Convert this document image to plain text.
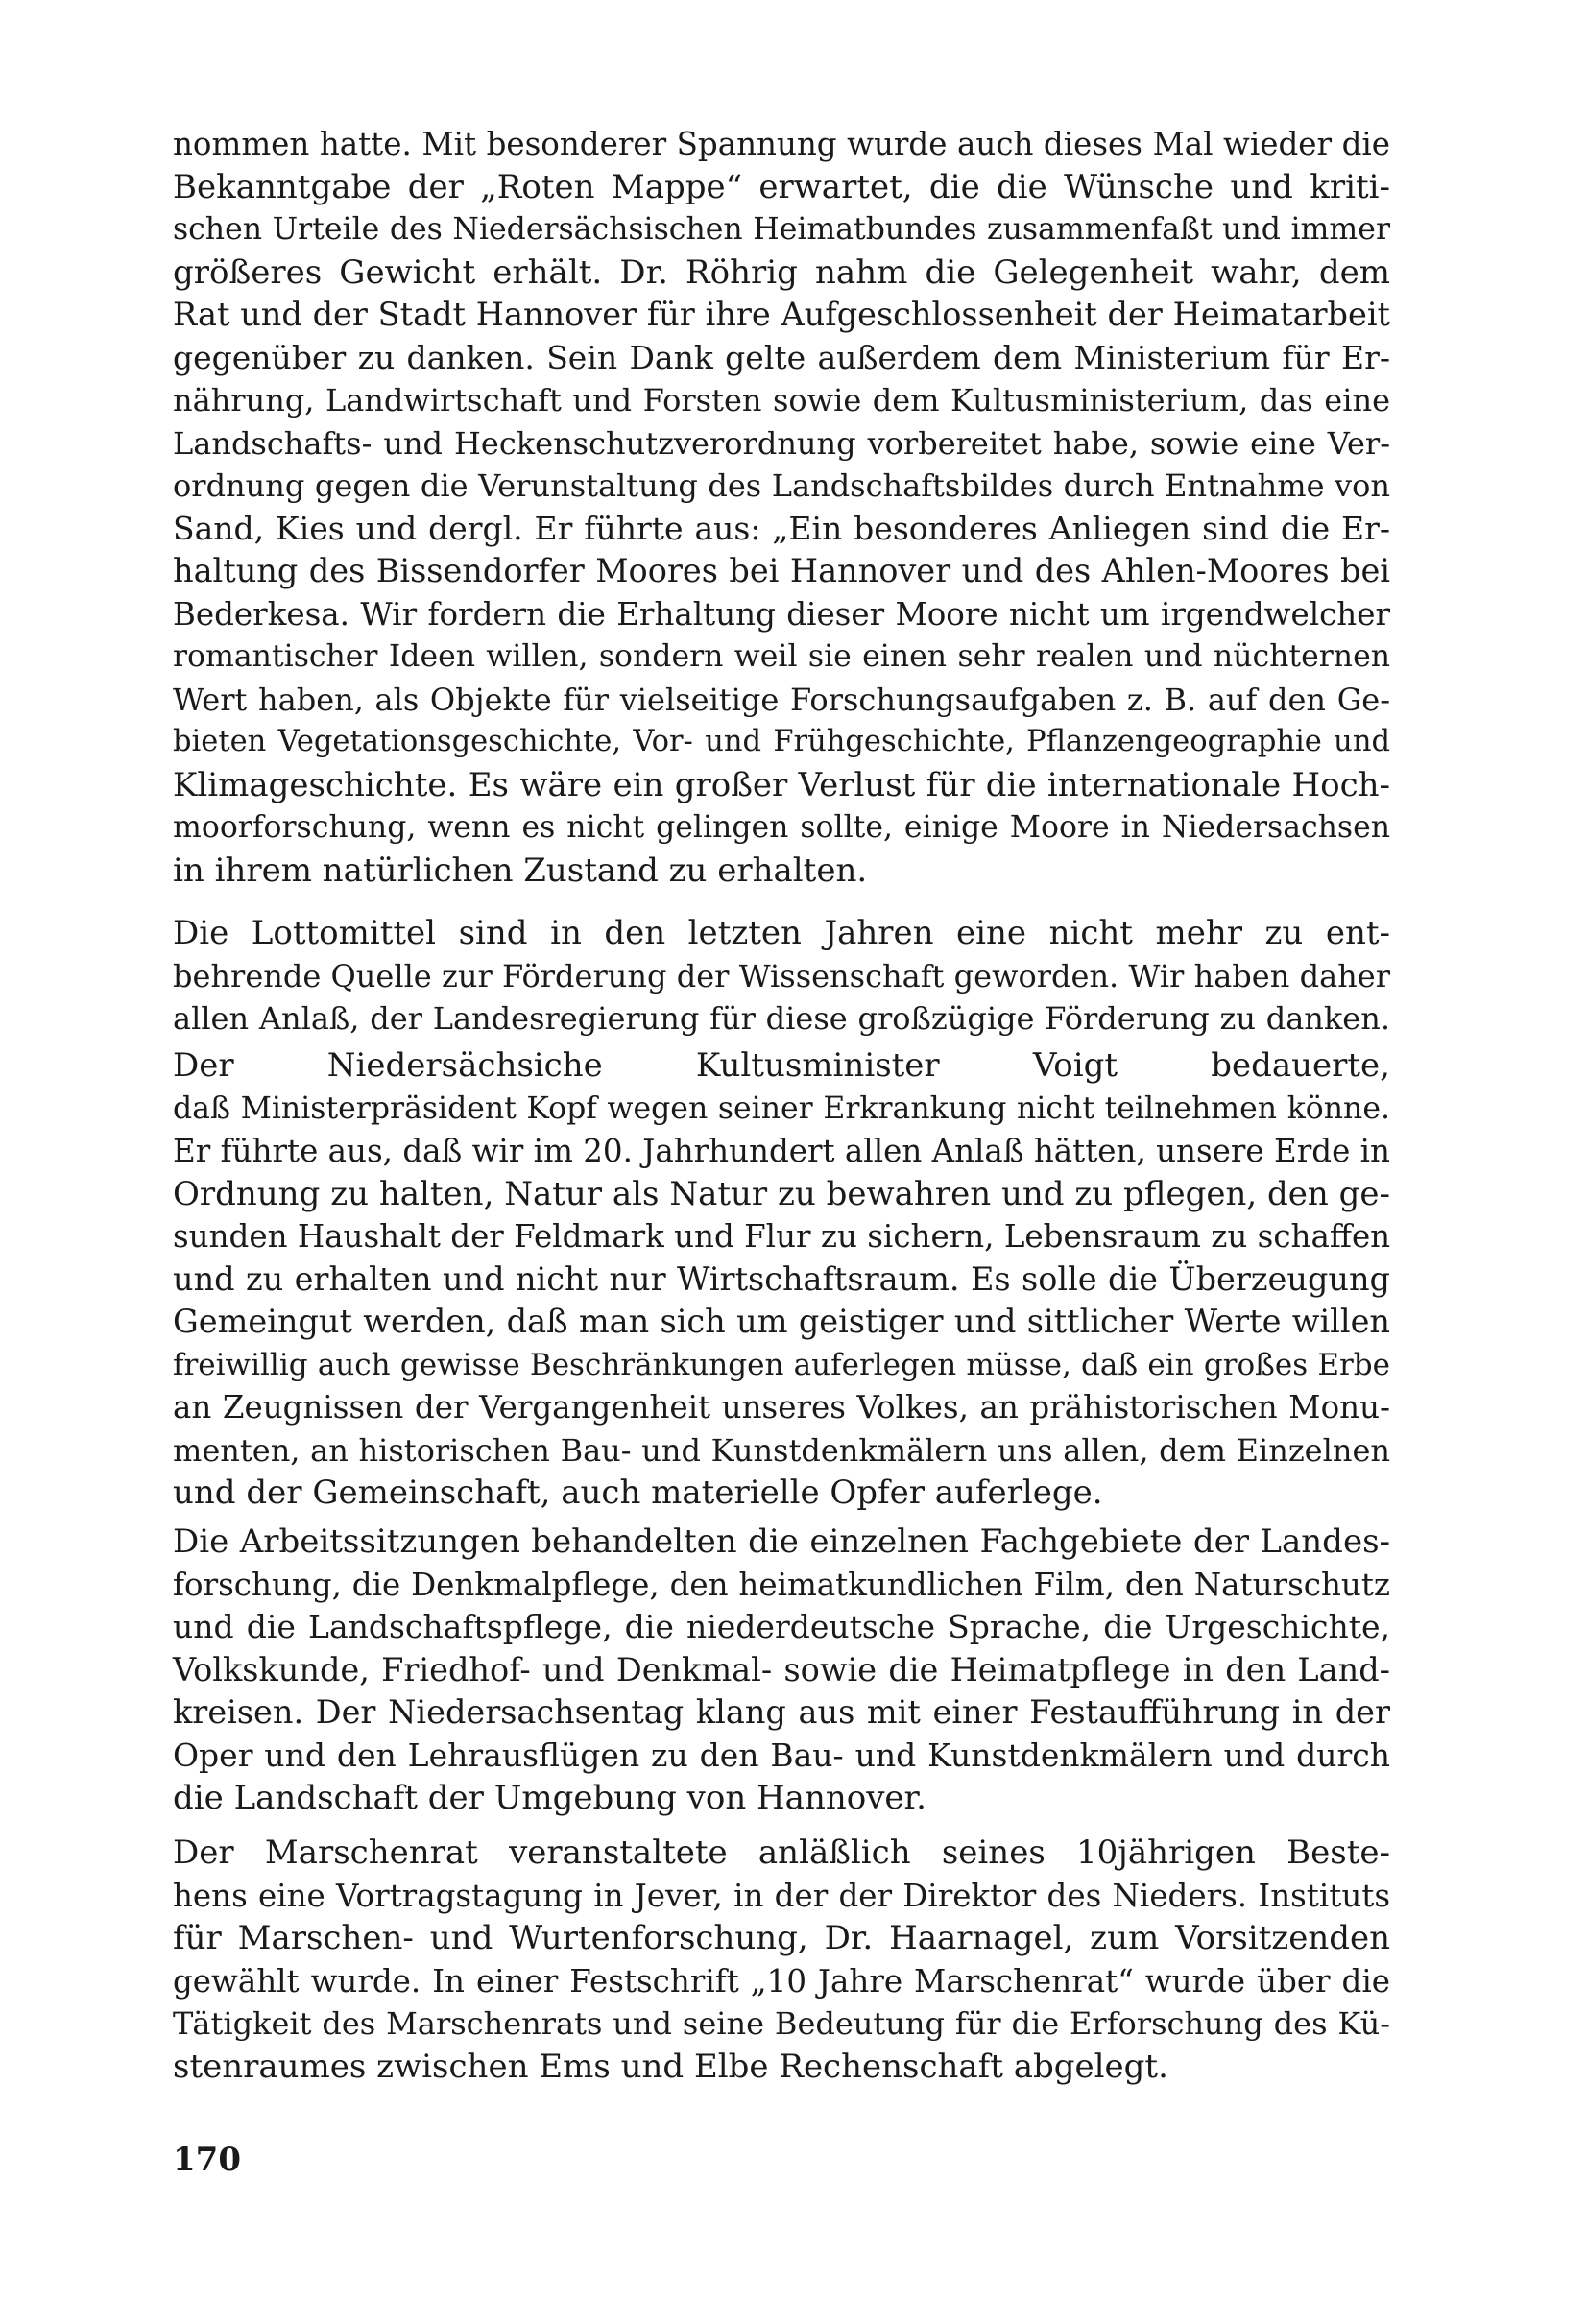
nommen hatte. Mit besonderer Spannung wurde auch dieses Mal wieder die
Bekanntgabe der „Roten Mappe“ erwartet, die die Wünsche und kriti-
schen Urteile des Niedersächsischen Heimatbundes zusammenfaßt und immer
größeres Gewicht erhält. Dr. Röhrig nahm die Gelegenheit wahr, dem
Rat und der Stadt Hannover für ihre Aufgeschlossenheit der Heimatarbeit
gegenüber zu danken. Sein Dank gelte außerdem dem Ministerium für Er-
nährung, Landwirtschaft und Forsten sowie dem Kultusministerium, das eine
Landschafts- und Heckenschutzverordnung vorbereitet habe, sowie eine Ver-
ordnung gegen die Verunstaltung des Landschaftsbildes durch Entnahme von
Sand, Kies und dergl. Er führte aus: „Ein besonderes Anliegen sind die Er-
haltung des Bissendorfer Moores bei Hannover und des Ahlen-Moores bei
Bederkesa. Wir fordern die Erhaltung dieser Moore nicht um irgendwelcher
romantischer Ideen willen, sondern weil sie einen sehr realen und nüchternen
Wert haben, als Objekte für vielseitige Forschungsaufgaben z. B. auf den Ge-
bieten Vegetationsgeschichte, Vor- und Frühgeschichte, Pflanzengeographie und
Klimageschichte. Es wäre ein großer Verlust für die internationale Hoch-
moorforschung, wenn es nicht gelingen sollte, einige Moore in Niedersachsen
in ihrem natürlichen Zustand zu erhalten.
Die Lottomittel sind in den letzten Jahren eine nicht mehr zu ent-
behrende Quelle zur Förderung der Wissenschaft geworden. Wir haben daher
allen Anlaß, der Landesregierung für diese großzügige Förderung zu danken.
Der Niedersächsiche Kultusminister Voigt bedauerte,
daß Ministerpräsident Kopf wegen seiner Erkrankung nicht teilnehmen könne.
Er führte aus, daß wir im 20. Jahrhundert allen Anlaß hätten, unsere Erde in
Ordnung zu halten, Natur als Natur zu bewahren und zu pflegen, den ge-
sunden Haushalt der Feldmark und Flur zu sichern, Lebensraum zu schaffen
und zu erhalten und nicht nur Wirtschaftsraum. Es solle die Überzeugung
Gemeingut werden, daß man sich um geistiger und sittlicher Werte willen
freiwillig auch gewisse Beschränkungen auferlegen müsse, daß ein großes Erbe
an Zeugnissen der Vergangenheit unseres Volkes, an prähistorischen Monu-
menten, an historischen Bau- und Kunstdenkmälern uns allen, dem Einzelnen
und der Gemeinschaft, auch materielle Opfer auferlege.
Die Arbeitssitzungen behandelten die einzelnen Fachgebiete der Landes-
forschung, die Denkmalpflege, den heimatkundlichen Film, den Naturschutz
und die Landschaftspflege, die niederdeutsche Sprache, die Urgeschichte,
Volkskunde, Friedhof- und Denkmal- sowie die Heimatpflege in den Land-
kreisen. Der Niedersachsentag klang aus mit einer Festaufführung in der
Oper und den Lehrausflügen zu den Bau- und Kunstdenkmälern und durch
die Landschaft der Umgebung von Hannover.
Der Marschenrat veranstaltete anläßlich seines 10jährigen Beste-
hens eine Vortragstagung in Jever, in der der Direktor des Nieders. Instituts
für Marschen- und Wurtenforschung, Dr. Haarnagel, zum Vorsitzenden
gewählt wurde. In einer Festschrift „10 Jahre Marschenrat“ wurde über die
Tätigkeit des Marschenrats und seine Bedeutung für die Erforschung des Kü-
stenraumes zwischen Ems und Elbe Rechenschaft abgelegt.
170
